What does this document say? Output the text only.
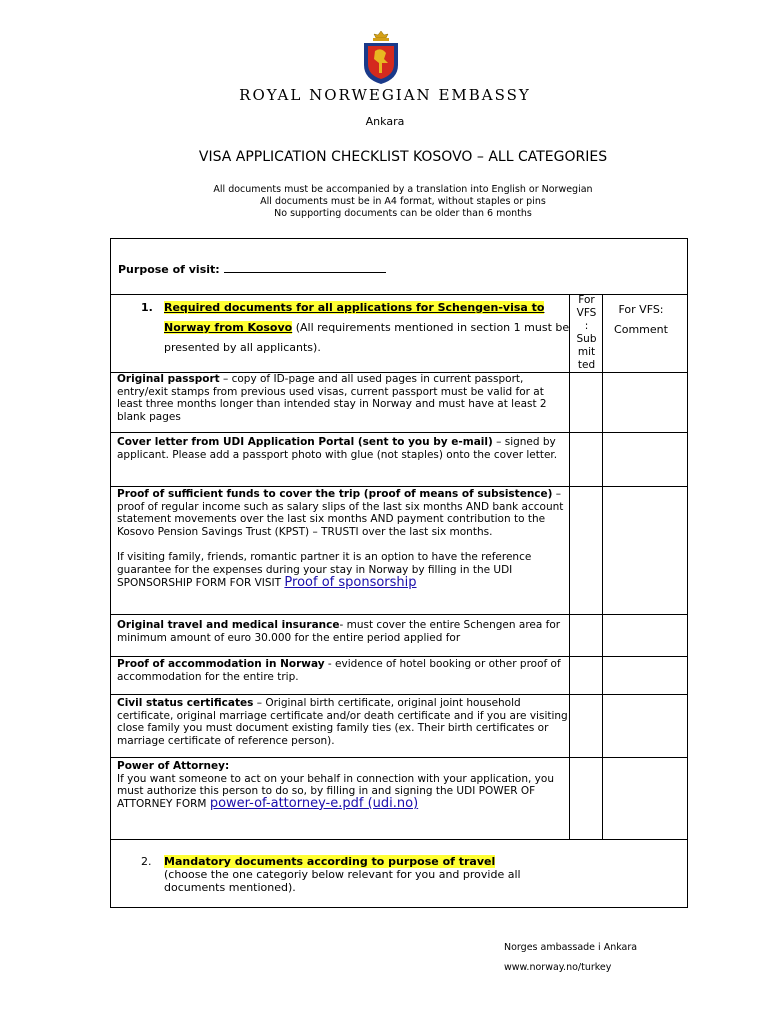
ROYAL NORWEGIAN EMBASSY
Ankara
VISA APPLICATION CHECKLIST KOSOVO – ALL CATEGORIES
All documents must be accompanied by a translation into English or Norwegian
All documents must be in A4 format, without staples or pins
No supporting documents can be older than 6 months
Purpose of visit:
1. Required documents for all applications for Schengen-visa to Norway from Kosovo (All requirements mentioned in section 1 must be presented by all applicants).
For
VFS
:
Sub
mit
ted
For VFS:
Comment
Original passport – copy of ID-page and all used pages in current passport, entry/exit stamps from previous used visas, current passport must be valid for at least three months longer than intended stay in Norway and must have at least 2 blank pages
Cover letter from UDI Application Portal (sent to you by e-mail) – signed by applicant. Please add a passport photo with glue (not staples) onto the cover letter.
Proof of sufficient funds to cover the trip (proof of means of subsistence) – proof of regular income such as salary slips of the last six months AND bank account statement movements over the last six months AND payment contribution to the Kosovo Pension Savings Trust (KPST) – TRUSTI over the last six months.
If visiting family, friends, romantic partner it is an option to have the reference guarantee for the expenses during your stay in Norway by filling in the UDI SPONSORSHIP FORM FOR VISIT Proof of sponsorship
Original travel and medical insurance- must cover the entire Schengen area for minimum amount of euro 30.000 for the entire period applied for
Proof of accommodation in Norway - evidence of hotel booking or other proof of accommodation for the entire trip.
Civil status certificates – Original birth certificate, original joint household certificate, original marriage certificate and/or death certificate and if you are visiting close family you must document existing family ties (ex. Their birth certificates or marriage certificate of reference person).
Power of Attorney:
If you want someone to act on your behalf in connection with your application, you must authorize this person to do so, by filling in and signing the UDI POWER OF ATTORNEY FORM power-of-attorney-e.pdf (udi.no)
2. Mandatory documents according to purpose of travel
(choose the one categoriy below relevant for you and provide all documents mentioned).
Norges ambassade i Ankara
www.norway.no/turkey
